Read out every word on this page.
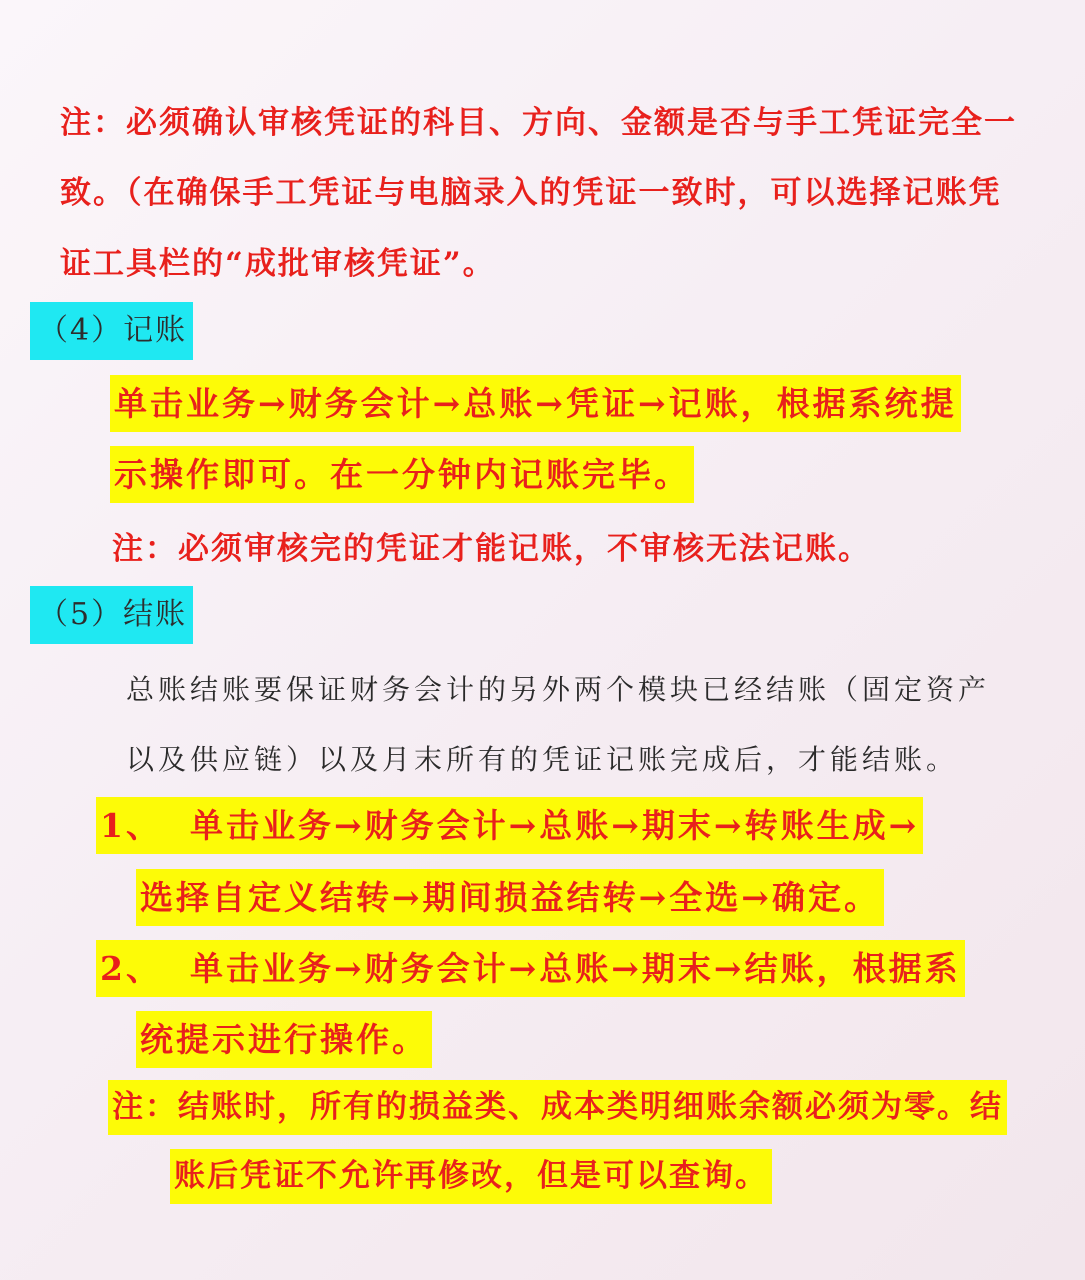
注：必须确认审核凭证的科目、方向、金额是否与手工凭证完全一
致。（在确保手工凭证与电脑录入的凭证一致时，可以选择记账凭
证工具栏的“成批审核凭证”。
（4）记账
单击业务→财务会计→总账→凭证→记账，根据系统提
示操作即可。在一分钟内记账完毕。
注：必须审核完的凭证才能记账，不审核无法记账。
（5）结账
总账结账要保证财务会计的另外两个模块已经结账（固定资产
以及供应链）以及月末所有的凭证记账完成后，才能结账。
1、 单击业务→财务会计→总账→期末→转账生成→
选择自定义结转→期间损益结转→全选→确定。
2、 单击业务→财务会计→总账→期末→结账，根据系
统提示进行操作。
注：结账时，所有的损益类、成本类明细账余额必须为零。结
账后凭证不允许再修改，但是可以查询。
